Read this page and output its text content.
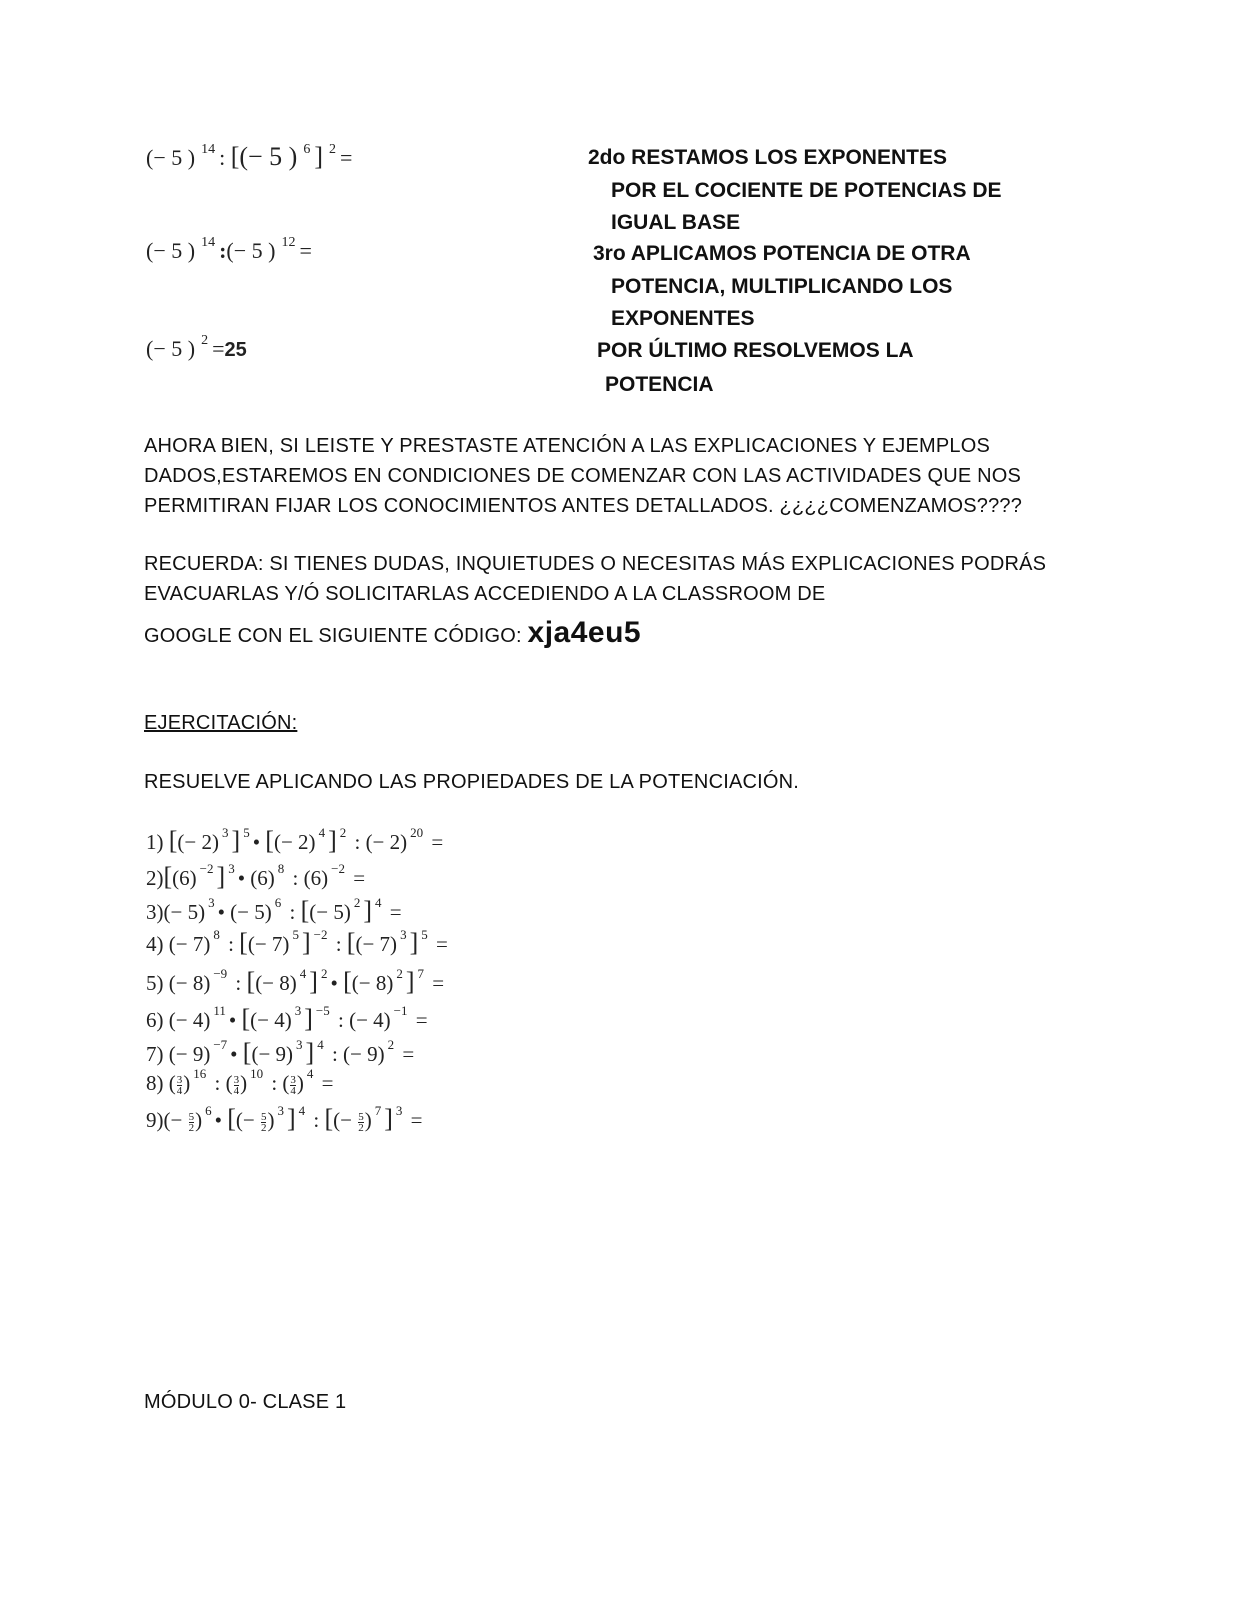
(− 5 ) $^{14}$ : [(− 5 ) $^6$ ] $^2$ =
(− 5 ) $^{14}$ :(− 5 ) $^{12}$ =
(− 5 ) $^2$ =25
2do RESTAMOS LOS EXPONENTES
POR EL COCIENTE DE POTENCIAS DE
IGUAL BASE
3ro APLICAMOS POTENCIA DE OTRA
POTENCIA, MULTIPLICANDO LOS
EXPONENTES
POR ÚLTIMO RESOLVEMOS LA
POTENCIA
AHORA BIEN, SI LEISTE Y PRESTASTE ATENCIÓN A LAS EXPLICACIONES Y EJEMPLOS DADOS,ESTAREMOS EN CONDICIONES DE COMENZAR CON LAS ACTIVIDADES QUE NOS PERMITIRAN FIJAR LOS CONOCIMIENTOS ANTES DETALLADOS. ¿¿¿¿COMENZAMOS????
RECUERDA: SI TIENES DUDAS, INQUIETUDES O NECESITAS MÁS EXPLICACIONES PODRÁS EVACUARLAS Y/Ó SOLICITARLAS ACCEDIENDO A LA CLASSROOM DE
GOOGLE CON EL SIGUIENTE CÓDIGO: xja4eu5
EJERCITACIÓN:
RESUELVE APLICANDO LAS PROPIEDADES DE LA POTENCIACIÓN.
1) [(− 2) $^3$ ] $^5$ • [(− 2) $^4$ ] $^2$ : (− 2) $^{20}$ =
2)[(6) $^{-2}$ ] $^3$ • (6) $^8$ : (6) $^{-2}$ =
3)(− 5) $^3$ • (− 5) $^6$ : [(− 5) $^2$ ] $^4$ =
4) (− 7) $^8$ : [(− 7) $^5$ ] $^{-2}$ : [(− 7) $^3$ ] $^5$ =
5) (− 8) $^{-9}$ : [(− 8) $^4$ ] $^2$ • [(− 8) $^2$ ] $^7$ =
6) (− 4) $^{11}$ • [(− 4) $^3$ ] $^{-5}$ : (− 4) $^{-1}$ =
7) (− 9) $^{-7}$ • [(− 9) $^3$ ] $^4$ : (− 9) $^2$ =
8) ( $\frac{3}{4}$ ) $^{16}$ : ( $\frac{3}{4}$ ) $^{10}$ : ( $\frac{3}{4}$ ) $^4$ =
$9)(- \frac{5}{2}$ ) $^6$ • [(− $\frac{5}{2}$ ) $^3$ ] $^4$ : [(− $\frac{5}{2}$ ) $^7$ ] $^3$ =
MÓDULO 0- CLASE 1
